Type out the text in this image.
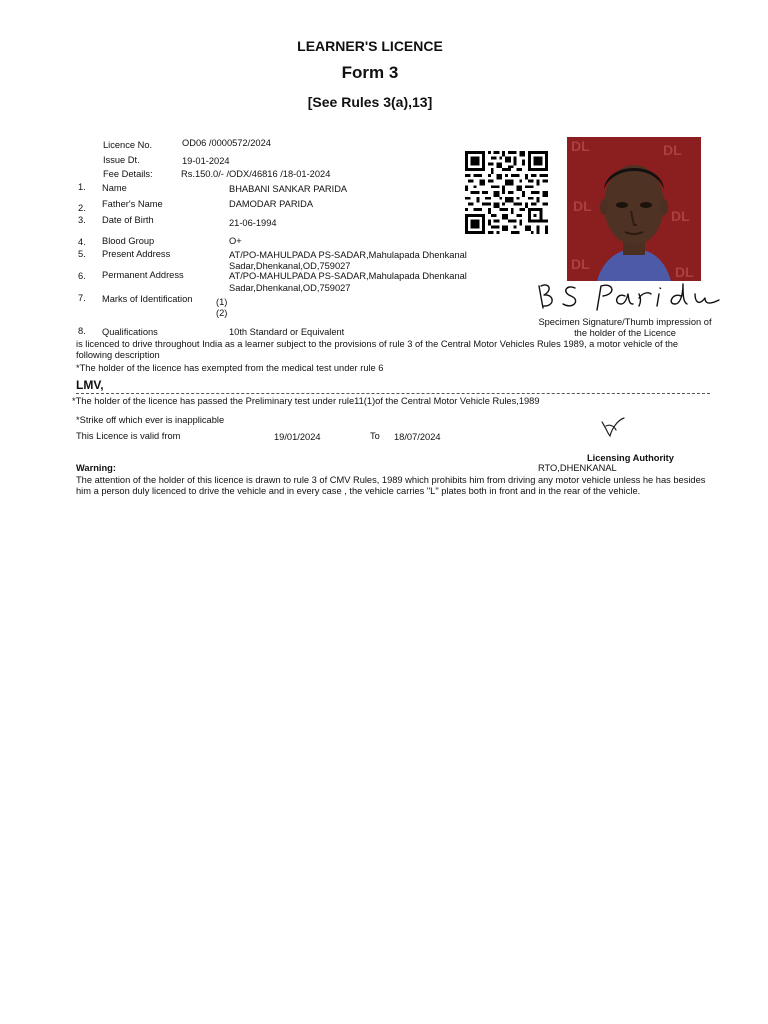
LEARNER'S LICENCE
Form 3
[See Rules 3(a),13]
Licence No.	OD06 /0000572/2024
Issue Dt.	19-01-2024
Fee Details:	Rs.150.0/- /ODX/46816 /18-01-2024
1. Name	BHABANI SANKAR PARIDA
2. Father's Name	DAMODAR PARIDA
3. Date of Birth	21-06-1994
4. Blood Group	O+
5. Present Address	AT/PO-MAHULPADA PS-SADAR,Mahulapada Dhenkanal
Sadar,Dhenkanal,OD,759027
6. Permanent Address	AT/PO-MAHULPADA PS-SADAR,Mahulapada Dhenkanal
Sadar,Dhenkanal,OD,759027
7. Marks of Identification	(1)
(2)
8. Qualifications	10th Standard or Equivalent
DL	DL
DL
DL
DL	DL
Specimen Signature/Thumb impression of
the holder of the Licence
is licenced to drive throughout India as a learner subject to the provisions of rule 3 of the Central Motor Vehicles Rules 1989, a motor vehicle of the following description
*The holder of the licence has exempted from the medical test under rule 6
LMV,
*The holder of the licence has passed the Preliminary test under rule11(1)of the Central Motor Vehicle Rules,1989
*Strike off which ever is inapplicable
This Licence is valid from	19/01/2024	To 18/07/2024
Licensing Authority
RTO,DHENKANAL
Warning:
The attention of the holder of this licence is drawn to rule 3 of CMV Rules, 1989 which prohibits him from driving any motor vehicle unless he has besides him a person duly licenced to drive the vehicle and in every case , the vehicle carries "L" plates both in front and in the rear of the vehicle.
